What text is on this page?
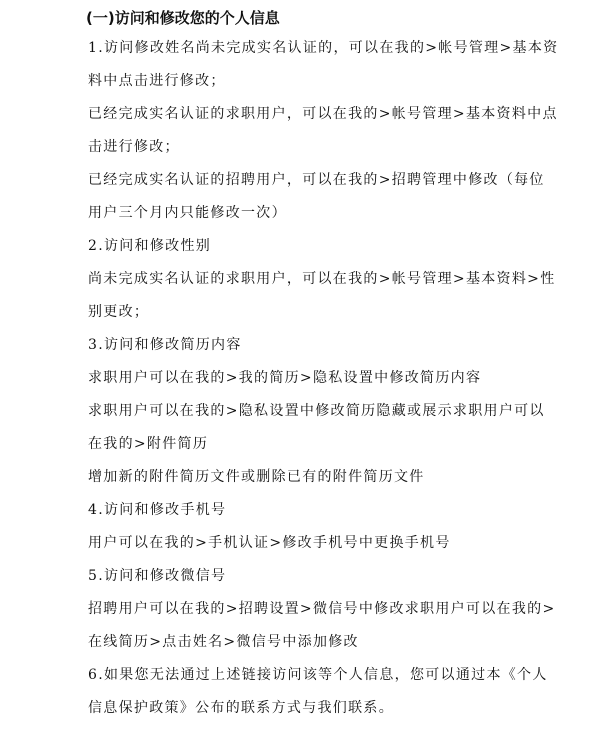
(一)访问和修改您的个人信息

1.访问修改姓名尚未完成实名认证的，可以在我的>帐号管理>基本资

料中点击进行修改；

已经完成实名认证的求职用户，可以在我的>帐号管理>基本资料中点

击进行修改；

已经完成实名认证的招聘用户，可以在我的>招聘管理中修改（每位

用户三个月内只能修改一次）

2.访问和修改性别

尚未完成实名认证的求职用户，可以在我的>帐号管理>基本资料>性

别更改；

3.访问和修改简历内容

求职用户可以在我的>我的简历>隐私设置中修改简历内容

求职用户可以在我的>隐私设置中修改简历隐藏或展示求职用户可以

在我的>附件简历

增加新的附件简历文件或删除已有的附件简历文件

4.访问和修改手机号

用户可以在我的>手机认证>修改手机号中更换手机号

5.访问和修改微信号

招聘用户可以在我的>招聘设置>微信号中修改求职用户可以在我的>

在线简历>点击姓名>微信号中添加修改

6.如果您无法通过上述链接访问该等个人信息，您可以通过本《个人

信息保护政策》公布的联系方式与我们联系。
